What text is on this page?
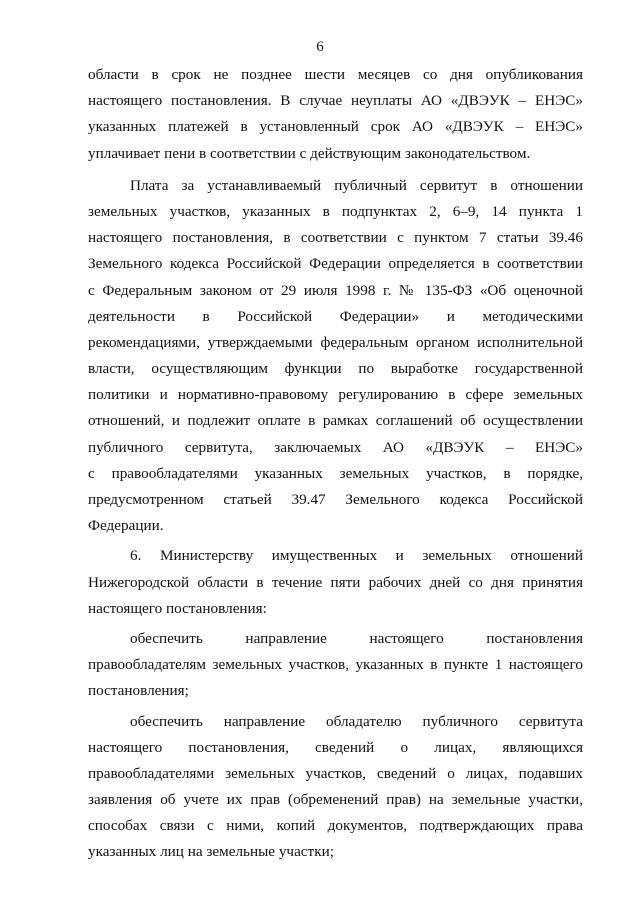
6
области в срок не позднее шести месяцев со дня опубликования
настоящего постановления. В случае неуплаты АО «ДВЭУК – ЕНЭС»
указанных платежей в установленный срок АО «ДВЭУК – ЕНЭС»
уплачивает пени в соответствии с действующим законодательством.
Плата за устанавливаемый публичный сервитут в отношении
земельных участков, указанных в подпунктах 2, 6–9, 14 пункта 1
настоящего постановления, в соответствии с пунктом 7 статьи 39.46
Земельного кодекса Российской Федерации определяется в соответствии
с Федеральным законом от 29 июля 1998 г. № 135-ФЗ «Об оценочной
деятельности в Российской Федерации» и методическими
рекомендациями, утверждаемыми федеральным органом исполнительной
власти, осуществляющим функции по выработке государственной
политики и нормативно-правовому регулированию в сфере земельных
отношений, и подлежит оплате в рамках соглашений об осуществлении
публичного сервитута, заключаемых АО «ДВЭУК – ЕНЭС»
с правообладателями указанных земельных участков, в порядке,
предусмотренном статьей 39.47 Земельного кодекса Российской
Федерации.
6. Министерству имущественных и земельных отношений
Нижегородской области в течение пяти рабочих дней со дня принятия
настоящего постановления:
обеспечить направление настоящего постановления
правообладателям земельных участков, указанных в пункте 1 настоящего
постановления;
обеспечить направление обладателю публичного сервитута
настоящего постановления, сведений о лицах, являющихся
правообладателями земельных участков, сведений о лицах, подавших
заявления об учете их прав (обременений прав) на земельные участки,
способах связи с ними, копий документов, подтверждающих права
указанных лиц на земельные участки;
